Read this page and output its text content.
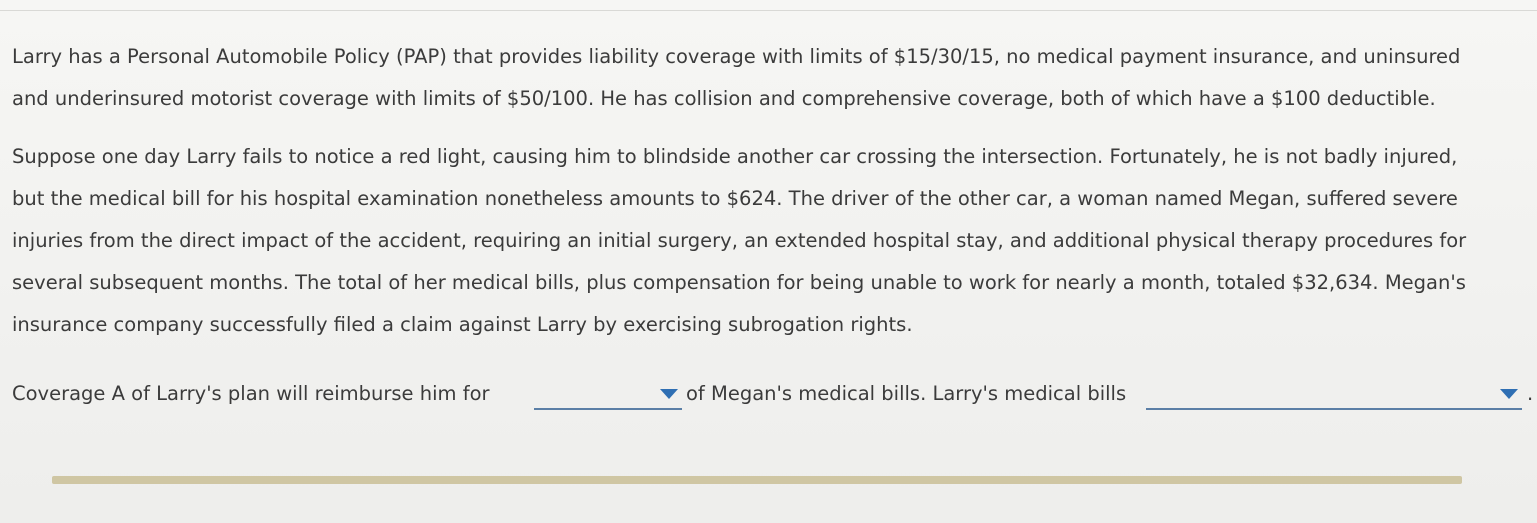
Larry has a Personal Automobile Policy (PAP) that provides liability coverage with limits of $15/30/15, no medical payment insurance, and uninsured
and underinsured motorist coverage with limits of $50/100. He has collision and comprehensive coverage, both of which have a $100 deductible.

Suppose one day Larry fails to notice a red light, causing him to blindside another car crossing the intersection. Fortunately, he is not badly injured,
but the medical bill for his hospital examination nonetheless amounts to $624. The driver of the other car, a woman named Megan, suffered severe
injuries from the direct impact of the accident, requiring an initial surgery, an extended hospital stay, and additional physical therapy procedures for
several subsequent months. The total of her medical bills, plus compensation for being unable to work for nearly a month, totaled $32,634. Megan's
insurance company successfully filed a claim against Larry by exercising subrogation rights.

Coverage A of Larry's plan will reimburse him for	of Megan's medical bills. Larry's medical bills	.
